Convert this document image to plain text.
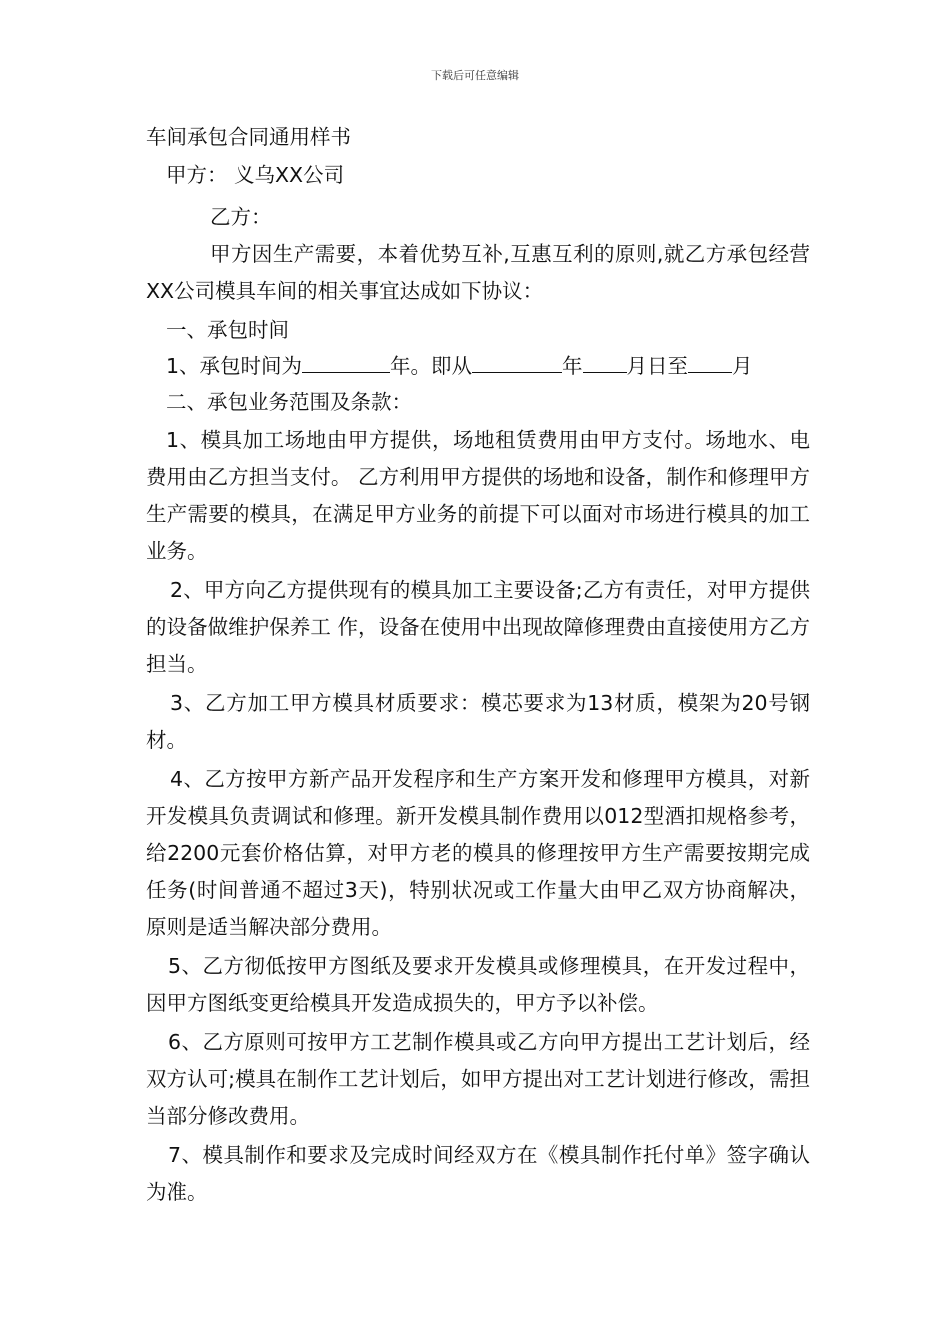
下载后可任意编辑

车间承包合同通用样书

甲方： 义乌XX公司

乙方：

甲方因生产需要，本着优势互补,互惠互利的原则,就乙方承包经营XX公司模具车间的相关事宜达成如下协议：

一、承包时间

1、承包时间为	年。即从	年 月日至 月

二、承包业务范围及条款：

1、模具加工场地由甲方提供，场地租赁费用由甲方支付。场地水、电费用由乙方担当支付。 乙方利用甲方提供的场地和设备，制作和修理甲方生产需要的模具，在满足甲方业务的前提下可以面对市场进行模具的加工业务。

2、甲方向乙方提供现有的模具加工主要设备;乙方有责任，对甲方提供的设备做维护保养工 作，设备在使用中出现故障修理费由直接使用方乙方担当。

3、乙方加工甲方模具材质要求：模芯要求为13材质，模架为20号钢材。

4、乙方按甲方新产品开发程序和生产方案开发和修理甲方模具，对新开发模具负责调试和修理。新开发模具制作费用以012型酒扣规格参考，给2200元套价格估算，对甲方老的模具的修理按甲方生产需要按期完成任务(时间普通不超过3天)，特别状况或工作量大由甲乙双方协商解决，原则是适当解决部分费用。

5、乙方彻低按甲方图纸及要求开发模具或修理模具，在开发过程中，因甲方图纸变更给模具开发造成损失的，甲方予以补偿。

6、乙方原则可按甲方工艺制作模具或乙方向甲方提出工艺计划后，经双方认可;模具在制作工艺计划后，如甲方提出对工艺计划进行修改，需担当部分修改费用。

7、模具制作和要求及完成时间经双方在《模具制作托付单》签字确认为准。
